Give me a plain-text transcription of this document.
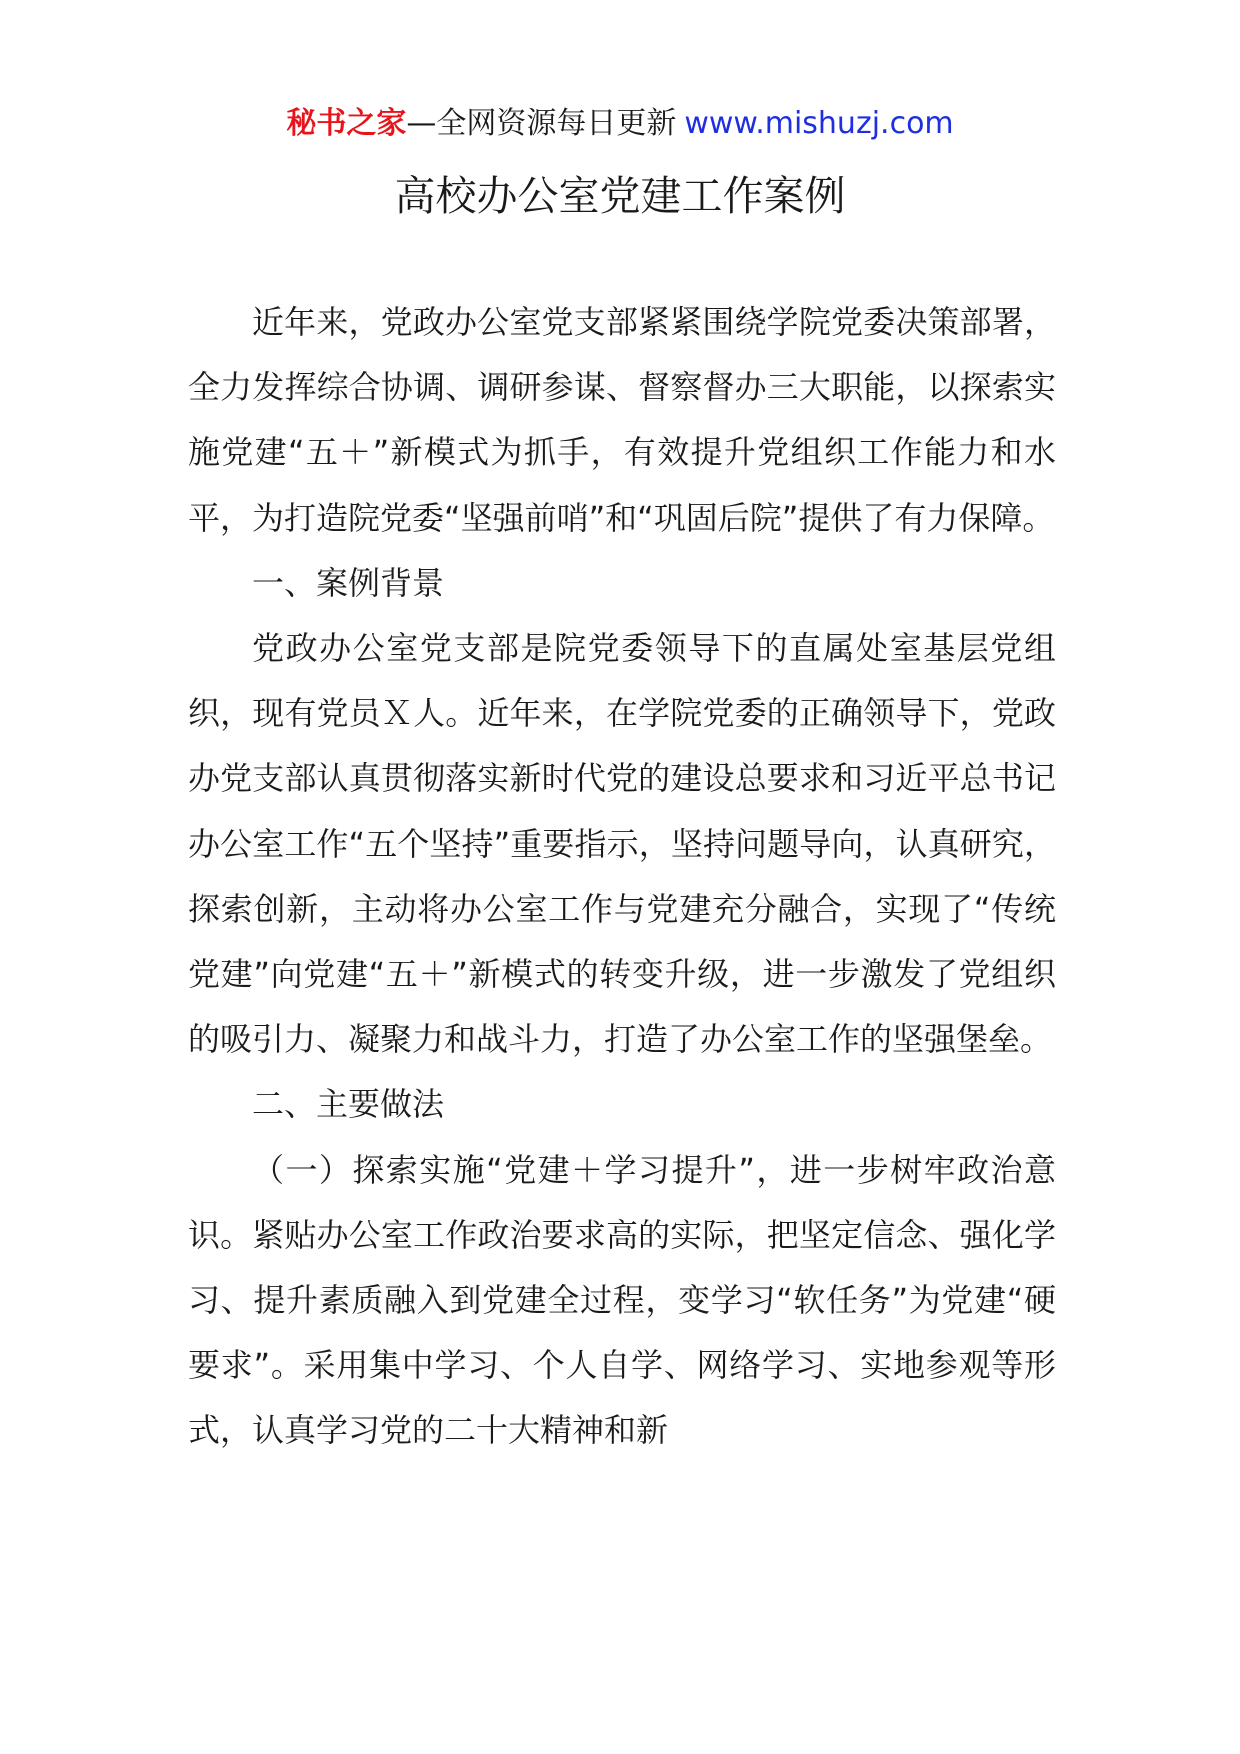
秘书之家—全网资源每日更新 www.mishuzj.com
高校办公室党建工作案例

近年来，党政办公室党支部紧紧围绕学院党委决策部署，全力发挥综合协调、调研参谋、督察督办三大职能，以探索实施党建“五＋”新模式为抓手，有效提升党组织工作能力和水平，为打造院党委“坚强前哨”和“巩固后院”提供了有力保障。

一、案例背景

党政办公室党支部是院党委领导下的直属处室基层党组织，现有党员Ｘ人。近年来，在学院党委的正确领导下，党政办党支部认真贯彻落实新时代党的建设总要求和习近平总书记办公室工作“五个坚持”重要指示，坚持问题导向，认真研究，探索创新，主动将办公室工作与党建充分融合，实现了“传统党建”向党建“五＋”新模式的转变升级，进一步激发了党组织的吸引力、凝聚力和战斗力，打造了办公室工作的坚强堡垒。

二、主要做法

（一）探索实施“党建＋学习提升”，进一步树牢政治意识。紧贴办公室工作政治要求高的实际，把坚定信念、强化学习、提升素质融入到党建全过程，变学习“软任务”为党建“硬要求”。采用集中学习、个人自学、网络学习、实地参观等形式，认真学习党的二十大精神和新
